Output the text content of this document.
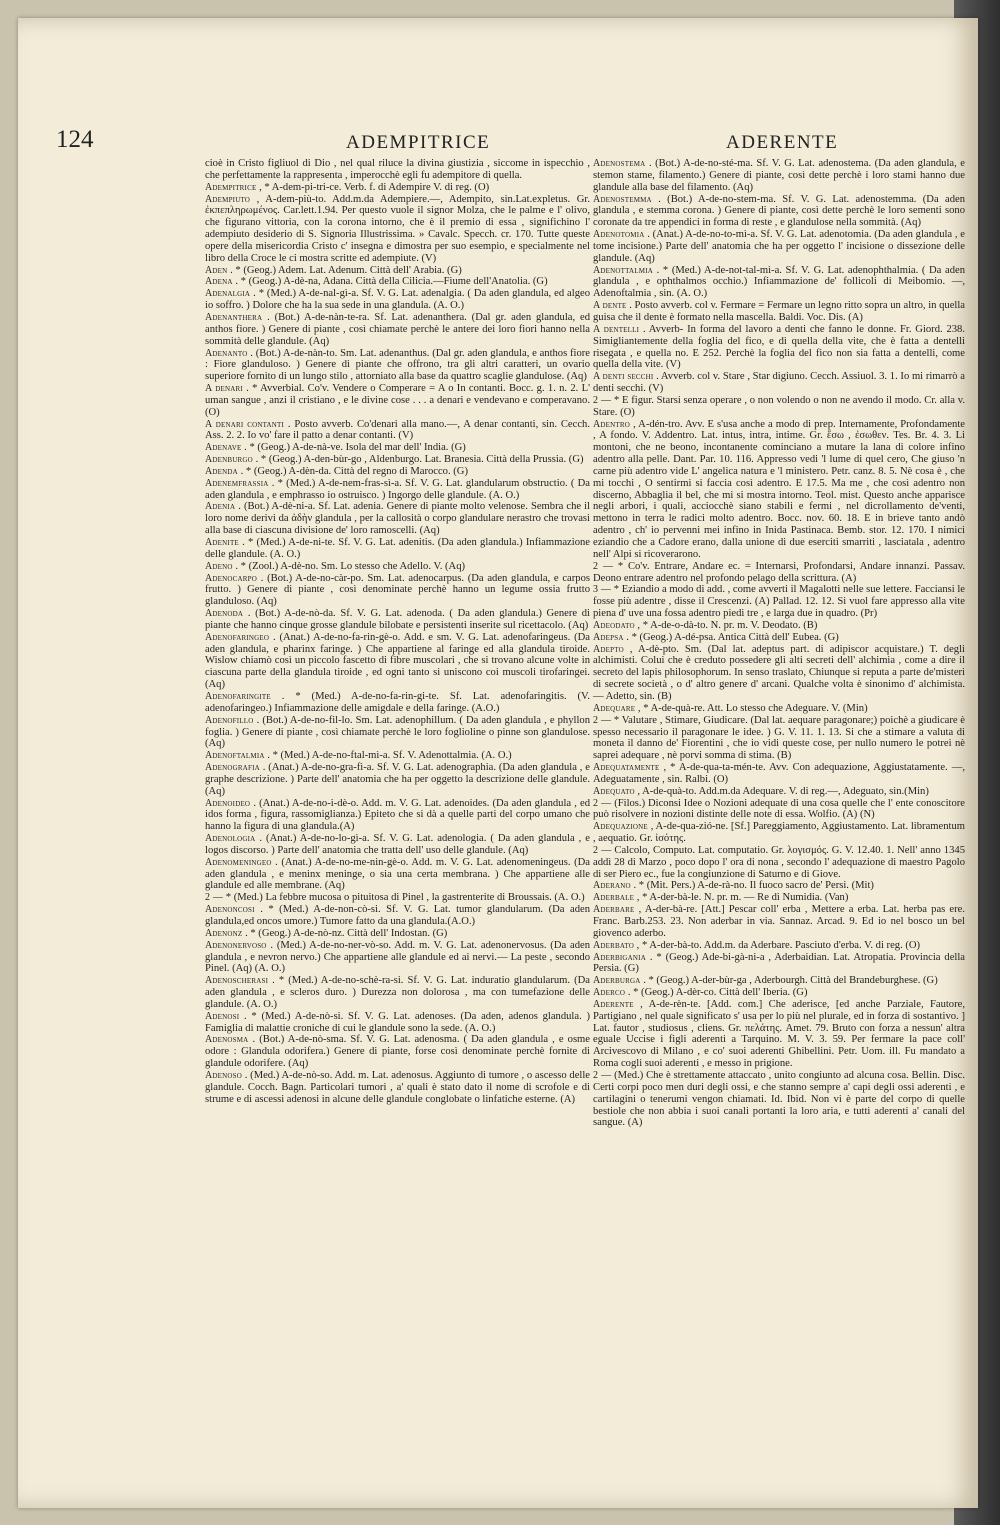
124	ADEMPITRICE	ADERENTE
cioè in Cristo figliuol di Dio , nel qual riluce la divina giustizia , siccome in ispecchio , che perfettamente la rappresenta , imperocchè egli fu adempitore di quella.
Adempitrice , * A-dem-pi-tri-ce. Verb. f. di Adempire V. di reg. (O)
Adempiuto , A-dem-più-to. Add.m.da Adempiere.—, Adempito, sin.Lat.expletus. Gr. ἐκπεπληρωμένος. Car.lett.1.94. Per questo vuole il signor Molza, che le palme e l' olivo, che figurano vittoria, con la corona intorno, che è il premio di essa , significhino l' adempiuto desiderio di S. Signoria Illustrissima. » Cavalc. Specch. cr. 170. Tutte queste opere della misericordia Cristo c' insegna e dimostra per suo esempio, e specialmente nel libro della Croce le ci mostra scritte ed adempiute. (V)
Aden . * (Geog.) Adem. Lat. Adenum. Città dell' Arabia. (G)
Adena . * (Geog.) A-dè-na, Adana. Città della Cilicia.—Fiume dell'Anatolia. (G)
Adenalgia . * (Med.) A-de-nal-gì-a. Sf. V. G. Lat. adenalgia. ( Da aden glandula, ed algeo io soffro. ) Dolore che ha la sua sede in una glandula. (A. O.)
Adenanthera . (Bot.) A-de-nàn-te-ra. Sf. Lat. adenanthera. (Dal gr. aden glandula, ed anthos fiore. ) Genere di piante , così chiamate perchè le antere dei loro fiori hanno nella sommità delle glandule. (Aq)
Adenanto . (Bot.) A-de-nàn-to. Sm. Lat. adenanthus. (Dal gr. aden glandula, e anthos fiore : Fiore glanduloso. ) Genere di piante che offrono, tra gli altri caratteri, un ovario superiore fornito di un lungo stilo , attorniato alla base da quattro scaglie glandulose. (Aq)
A denari . * Avverbial. Co'v. Vendere o Comperare = A o In contanti. Bocc. g. 1. n. 2. L' uman sangue , anzi il cristiano , e le divine cose . . . a denari e vendevano e comperavano. (O)
A denari contanti . Posto avverb. Co'denari alla mano.—, A denar contanti, sin. Cecch. Ass. 2. 2. Io vo' fare il patto a denar contanti. (V)
Adenave . * (Geog.) A-de-nà-ve. Isola del mar dell' India. (G)
Adenburgo . * (Geog.) A-den-bùr-go , Aldenburgo. Lat. Branesia. Città della Prussia. (G)
Adenda . * (Geog.) A-dèn-da. Città del regno di Marocco. (G)
Adenemfrassia . * (Med.) A-de-nem-fras-sì-a. Sf. V. G. Lat. glandularum obstructio. ( Da aden glandula , e emphrasso io ostruisco. ) Ingorgo delle glandule. (A. O.)
Adenia . (Bot.) A-dè-ni-a. Sf. Lat. adenia. Genere di piante molto velenose. Sembra che il loro nome derivi da ἀδὴν glandula , per la callosità o corpo glandulare nerastro che trovasi alla base di ciascuna divisione de' loro ramoscelli. (Aq)
Adenite . * (Med.) A-de-ni-te. Sf. V. G. Lat. adenitis. (Da aden glandula.) Infiammazione delle glandule. (A. O.)
Adeno . * (Zool.) A-dè-no. Sm. Lo stesso che Adello. V. (Aq)
Adenocarpo . (Bot.) A-de-no-càr-po. Sm. Lat. adenocarpus. (Da aden glandula, e carpos frutto. ) Genere di piante , così denominate perchè hanno un legume ossia frutto glanduloso. (Aq)
Adenoda . (Bot.) A-de-nò-da. Sf. V. G. Lat. adenoda. ( Da aden glandula.) Genere di piante che hanno cinque grosse glandule bilobate e persistenti inserite sul ricettacolo. (Aq)
Adenofaringeo . (Anat.) A-de-no-fa-rin-gè-o. Add. e sm. V. G. Lat. adenofaringeus. (Da aden glandula, e pharinx faringe. ) Che appartiene al faringe ed alla glandula tiroide. Wislow chiamò così un piccolo fascetto di fibre muscolari , che si trovano alcune volte in ciascuna parte della glandula tiroide , ed ogni tanto si uniscono coi muscoli tirofaringei. (Aq)
Adenofaringite . * (Med.) A-de-no-fa-rin-gi-te. Sf. Lat. adenofaringitis. (V. adenofaringeo.) Infiammazione delle amigdale e della faringe. (A.O.)
Adenofillo . (Bot.) A-de-no-fil-lo. Sm. Lat. adenophillum. ( Da aden glandula , e phyllon foglia. ) Genere di piante , così chiamate perchè le loro foglioline o pinne son glandulose. (Aq)
Adenoftalmia . * (Med.) A-de-no-ftal-mì-a. Sf. V. Adenottalmia. (A. O.)
Adenografia . (Anat.) A-de-no-gra-fì-a. Sf. V. G. Lat. adenographia. (Da aden glandula , e graphe descrizione. ) Parte dell' anatomia che ha per oggetto la descrizione delle glandule. (Aq)
Adenoideo . (Anat.) A-de-no-i-dè-o. Add. m. V. G. Lat. adenoides. (Da aden glandula , ed idos forma , figura, rassomiglianza.) Epiteto che si dà a quelle parti del corpo umano che hanno la figura di una glandula.(A)
Adenologia . (Anat.) A-de-no-lo-gì-a. Sf. V. G. Lat. adenologia. ( Da aden glandula , e logos discorso. ) Parte dell' anatomia che tratta dell' uso delle glandule. (Aq)
Adenomeningeo . (Anat.) A-de-no-me-nin-gè-o. Add. m. V. G. Lat. adenomeningeus. (Da aden glandula , e meninx meninge, o sia una certa membrana. ) Che appartiene alle glandule ed alle membrane. (Aq)
2 — * (Med.) La febbre mucosa o pituitosa di Pinel , la gastrenterite di Broussais. (A. O.)
Adenoncosi . * (Med.) A-de-non-cò-si. Sf. V. G. Lat. tumor glandularum. (Da aden glandula,ed oncos umore.) Tumore fatto da una glandula.(A.O.)
Adenonz . * (Geog.) A-de-nò-nz. Città dell' Indostan. (G)
Adenonervoso . (Med.) A-de-no-ner-vò-so. Add. m. V. G. Lat. adenonervosus. (Da aden glandula , e nevron nervo.) Che appartiene alle glandule ed ai nervi.— La peste , secondo Pinel. (Aq) (A. O.)
Adenoscherasi . * (Med.) A-de-no-schè-ra-si. Sf. V. G. Lat. induratio glandularum. (Da aden glandula , e scleros duro. ) Durezza non dolorosa , ma con tumefazione delle glandule. (A. O.)
Adenosi . * (Med.) A-de-nò-si. Sf. V. G. Lat. adenoses. (Da aden, adenos glandula. ) Famiglia di malattie croniche di cui le glandule sono la sede. (A. O.)
Adenosma . (Bot.) A-de-nò-sma. Sf. V. G. Lat. adenosma. ( Da aden glandula , e osme odore : Glandula odorifera.) Genere di piante, forse così denominate perchè fornite di glandule odorifere. (Aq)
Adenoso . (Med.) A-de-nò-so. Add. m. Lat. adenosus. Aggiunto di tumore , o ascesso delle glandule. Cocch. Bagn. Particolari tumori , a' quali è stato dato il nome di scrofole e di strume e di ascessi adenosi in alcune delle glandule conglobate o linfatiche esterne. (A)
Adenostema . (Bot.) A-de-no-sté-ma. Sf. V. G. Lat. adenostema. (Da aden glandula, e stemon stame, filamento.) Genere di piante, così dette perchè i loro stami hanno due glandule alla base del filamento. (Aq)
Adenostemma . (Bot.) A-de-no-stem-ma. Sf. V. G. Lat. adenostemma. (Da aden glandula , e stemma corona. ) Genere di piante, così dette perchè le loro sementi sono coronate da tre appendici in forma di reste , e glandulose nella sommità. (Aq)
Adenotomia . (Anat.) A-de-no-to-mì-a. Sf. V. G. Lat. adenotomia. (Da aden glandula , e tome incisione.) Parte dell' anatomia che ha per oggetto l' incisione o dissezione delle glandule. (Aq)
Adenottalmia . * (Med.) A-de-not-tal-mì-a. Sf. V. G. Lat. adenophthalmia. ( Da aden glandula , e ophthalmos occhio.) Infiammazione de' follicoli di Meibomio. —, Adenoftalmia , sin. (A. O.)
A dente . Posto avverb. col v. Fermare = Fermare un legno ritto sopra un altro, in quella guisa che il dente è formato nella mascella. Baldi. Voc. Dis. (A)
A dentelli . Avverb- In forma del lavoro a denti che fanno le donne. Fr. Giord. 238. Simigliantemente della foglia del fico, e di quella della vite, che è fatta a dentelli risegata , e quella no. E 252. Perchè la foglia del fico non sia fatta a dentelli, come quella della vite. (V)
A denti secchi . Avverb. col v. Stare , Star digiuno. Cecch. Assiuol. 3. 1. Io mi rimarrò a denti secchi. (V)
2 — * E figur. Starsi senza operare , o non volendo o non ne avendo il modo. Cr. alla v. Stare. (O)
Adentro , A-dén-tro. Avv. E s'usa anche a modo di prep. Internamente, Profondamente , A fondo. V. Addentro. Lat. intus, intra, intime. Gr. ἔσω , ἐσωθεν. Tes. Br. 4. 3. Li montoni, che ne beono, incontanente cominciano a mutare la lana di colore infino adentro alla pelle. Dant. Par. 10. 116. Appresso vedi 'l lume di quel cero, Che giuso 'n carne più adentro vide L' angelica natura e 'l ministero. Petr. canz. 8. 5. Nè cosa è , che mi tocchi , O sentirmi si faccia così adentro. E 17.5. Ma me , che così adentro non discerno, Abbaglia il bel, che mi si mostra intorno. Teol. mist. Questo anche apparisce negli arbori, i quali, acciocchè siano stabili e fermi , nel dicrollamento de'venti, mettono in terra le radici molto adentro. Bocc. nov. 60. 18. E in brieve tanto andò adentro , ch' io pervenni mei infino in Inida Pastinaca. Bemb. stor. 12. 170. I nimici eziandio che a Cadore erano, dalla unione di due eserciti smarriti , lasciatala , adentro nell' Alpi si ricoverarono.
2 — * Co'v. Entrare, Andare ec. = Internarsi, Profondarsi, Andare innanzi. Passav. Deono entrare adentro nel profondo pelago della scrittura. (A)
3 — * Eziandio a modo di add. , come avverti il Magalotti nelle sue lettere. Facciansi le fosse più adentre , disse il Crescenzi. (A) Pallad. 12. 12. Si vuol fare appresso alla vite piena d' uve una fossa adentro piedi tre , e larga due in quadro. (Pr)
Adeodato , * A-de-o-dà-to. N. pr. m. V. Deodato. (B)
Adepsa . * (Geog.) A-dé-psa. Antica Città dell' Eubea. (G)
Adepto , A-dè-pto. Sm. (Dal lat. adeptus part. di adipiscor acquistare.) T. degli alchimisti. Colui che è creduto possedere gli alti secreti dell' alchimia , come a dire il secreto del lapis philosophorum. In senso traslato, Chiunque si reputa a parte de'misteri di secrete società , o d' altro genere d' arcani. Qualche volta è sinonimo d' alchimista. — Adetto, sin. (B)
Adequare , * A-de-quà-re. Att. Lo stesso che Adeguare. V. (Min)
2 — * Valutare , Stimare, Giudicare. (Dal lat. aequare paragonare;) poichè a giudicare è spesso necessario il paragonare le idee. ) G. V. 11. 1. 13. Si che a stimare a valuta di moneta il danno de' Fiorentini , che io vidi queste cose, per nullo numero le potrei nè saprei adequare , nè porvi somma di stima. (B)
Adequatamente , * A-de-qua-ta-mén-te. Avv. Con adequazione, Aggiustatamente. —, Adeguatamente , sin. Ralbi. (O)
Adequato , A-de-quà-to. Add.m.da Adequare. V. di reg.—, Adeguato, sin.(Min)
2 — (Filos.) Diconsi Idee o Nozioni adequate di una cosa quelle che l' ente conoscitore può risolvere in nozioni distinte delle note di essa. Wolfio. (A) (N)
Adequazione , A-de-qua-zió-ne. [Sf.] Pareggiamento, Aggiustamento. Lat. libramentum , aequatio. Gr. ἰσότης.
2 — Calcolo, Computo. Lat. computatio. Gr. λογισμός. G. V. 12.40. 1. Nell' anno 1345 addì 28 di Marzo , poco dopo l' ora di nona , secondo l' adequazione di maestro Pagolo di ser Piero ec., fue la congiunzione di Saturno e di Giove.
Aderano . * (Mit. Pers.) A-de-rà-no. Il fuoco sacro de' Persi. (Mit)
Aderbale , * A-der-bà-le. N. pr. m. — Re di Numidia. (Van)
Aderbare , A-der-bà-re. [Att.] Pescar coll' erba , Mettere a erba. Lat. herba pas ere. Franc. Barb.253. 23. Non aderbar in via. Sannaz. Arcad. 9. Ed io nel bosco un bel giovenco aderbo.
Aderbato , * A-der-bà-to. Add.m. da Aderbare. Pasciuto d'erba. V. di reg. (O)
Aderbigania . * (Geog.) Ade-bi-gà-ni-a , Aderbaidian. Lat. Atropatia. Provincia della Persia. (G)
Aderburga . * (Geog.) A-der-bùr-ga , Aderbourgh. Città del Brandeburghese. (G)
Aderco . * (Geog.) A-dèr-co. Città dell' Iberia. (G)
Aderente , A-de-rèn-te. [Add. com.] Che aderisce, [ed anche Parziale, Fautore, Partigiano , nel quale significato s' usa per lo più nel plurale, ed in forza di sostantivo. ] Lat. fautor , studiosus , cliens. Gr. πελάτης. Amet. 79. Bruto con forza a nessun' altra eguale Uccise i figli aderenti a Tarquino. M. V. 3. 59. Per fermare la pace coll' Arcivescovo di Milano , e co' suoi aderenti Ghibellini. Petr. Uom. ill. Fu mandato a Roma cogli suoi aderenti , e messo in prigione.
2 — (Med.) Che è strettamente attaccato , unito congiunto ad alcuna cosa. Bellin. Disc. Certi corpi poco men duri degli ossi, e che stanno sempre a' capi degli ossi aderenti , e cartilagini o tenerumi vengon chiamati. Id. Ibid. Non vi è parte del corpo di quelle bestiole che non abbia i suoi canali portanti la loro aria, e tutti aderenti a' canali del sangue. (A)
